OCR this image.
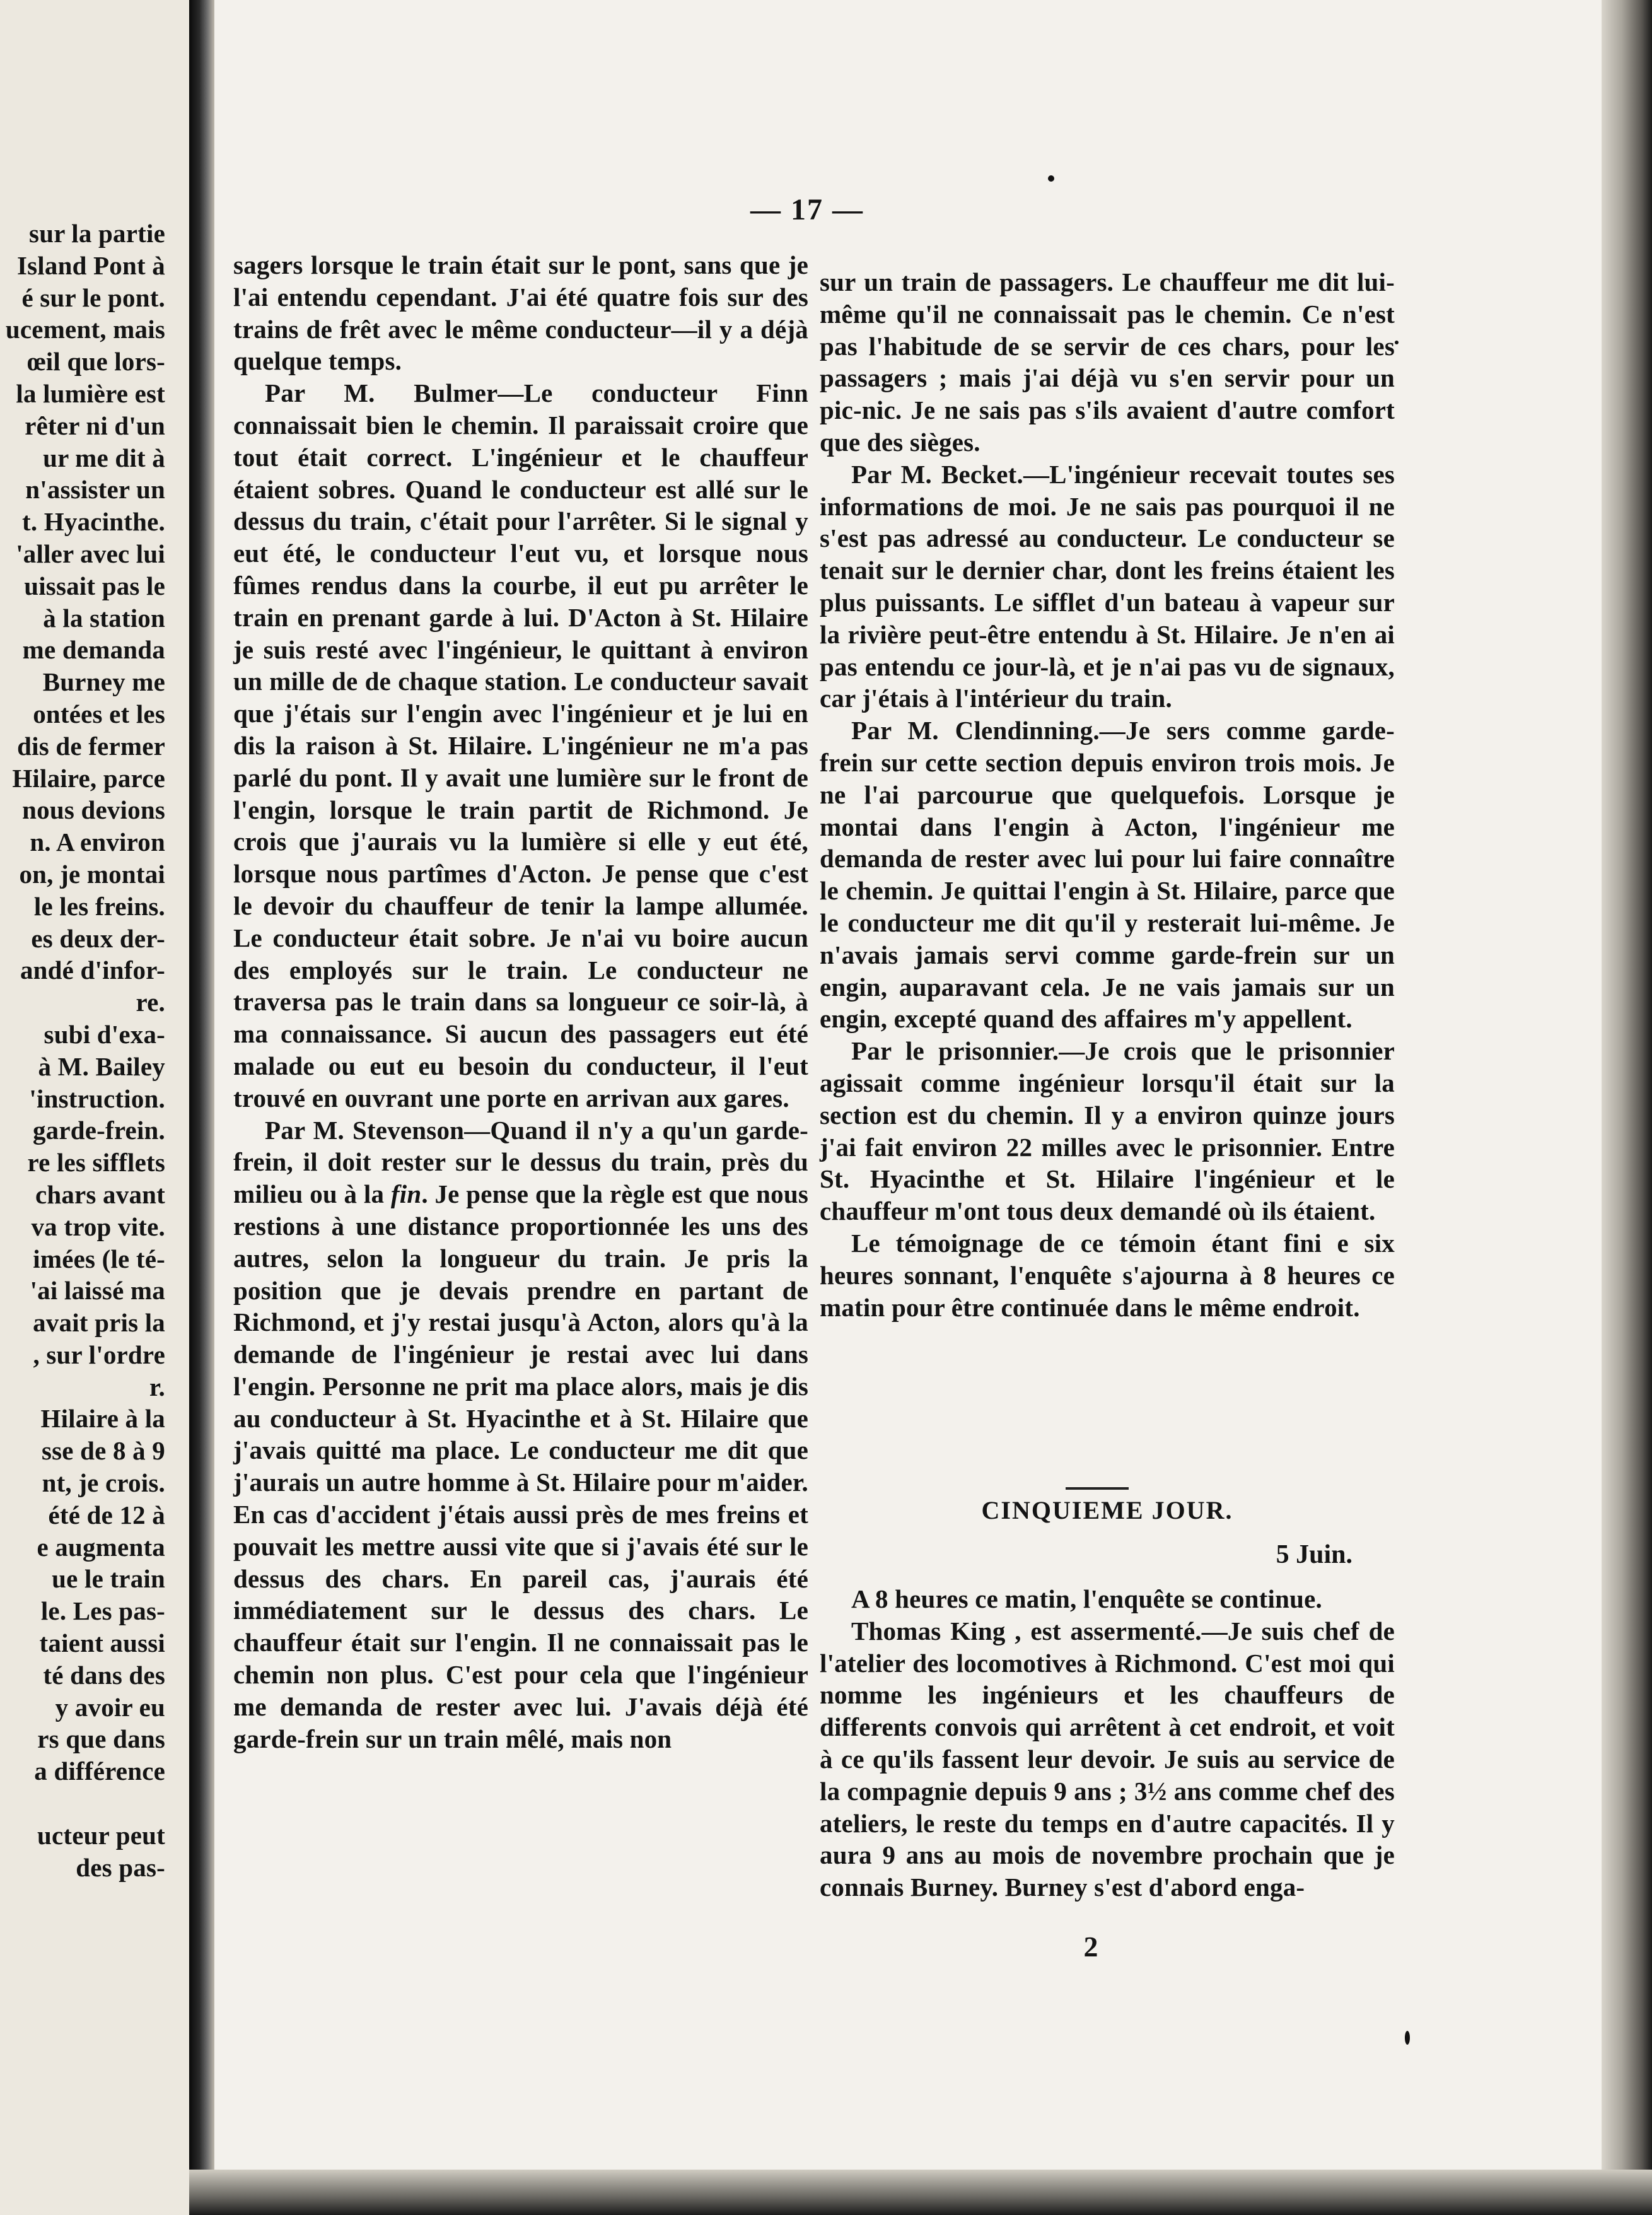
sur la partie
Island Pont à
é sur le pont.
ucement, mais
œil que lors-
la lumière est
rêter ni d'un
ur me dit à
n'assister un
t. Hyacinthe.
'aller avec lui
uissait pas le
à la station
me demanda
Burney me
ontées et les
dis de fermer
Hilaire, parce
nous devions
n. A environ
on, je montai
le les freins.
es deux der-
andé d'infor-
re.
subi d'exa-
à M. Bailey
'instruction.
garde-frein.
re les sifflets
chars avant
va trop vite.
imées (le té-
'ai laissé ma
avait pris la
, sur l'ordre
r.
Hilaire à la
sse de 8 à 9
nt, je crois.
été de 12 à
e augmenta
ue le train
le. Les pas-
taient aussi
té dans des
y avoir eu
rs que dans
a différence

ucteur peut
des pas-
— 17 —

sagers lorsque le train était sur le pont, sans que je l'ai entendu cependant. J'ai été quatre fois sur des trains de frêt avec le même conducteur—il y a déjà quelque temps.

Par M. Bulmer—Le conducteur Finn connaissait bien le chemin. Il paraissait croire que tout était correct. L'ingénieur et le chauffeur étaient sobres. Quand le conducteur est allé sur le dessus du train, c'était pour l'arrêter. Si le signal y eut été, le conducteur l'eut vu, et lorsque nous fûmes rendus dans la courbe, il eut pu arrêter le train en prenant garde à lui. D'Acton à St. Hilaire je suis resté avec l'ingénieur, le quittant à environ un mille de de chaque station. Le conducteur savait que j'étais sur l'engin avec l'ingénieur et je lui en dis la raison à St. Hilaire. L'ingénieur ne m'a pas parlé du pont. Il y avait une lumière sur le front de l'engin, lorsque le train partit de Richmond. Je crois que j'aurais vu la lumière si elle y eut été, lorsque nous partîmes d'Acton. Je pense que c'est le devoir du chauffeur de tenir la lampe allumée. Le conducteur était sobre. Je n'ai vu boire aucun des employés sur le train. Le conducteur ne traversa pas le train dans sa longueur ce soir-là, à ma connaissance. Si aucun des passagers eut été malade ou eut eu besoin du conducteur, il l'eut trouvé en ouvrant une porte en arrivan aux gares.

Par M. Stevenson—Quand il n'y a qu'un garde-frein, il doit rester sur le dessus du train, près du milieu ou à la fin. Je pense que la règle est que nous restions à une distance proportionnée les uns des autres, selon la longueur du train. Je pris la position que je devais prendre en partant de Richmond, et j'y restai jusqu'à Acton, alors qu'à la demande de l'ingénieur je restai avec lui dans l'engin. Personne ne prit ma place alors, mais je dis au conducteur à St. Hyacinthe et à St. Hilaire que j'avais quitté ma place. Le conducteur me dit que j'aurais un autre homme à St. Hilaire pour m'aider. En cas d'accident j'étais aussi près de mes freins et pouvait les mettre aussi vite que si j'avais été sur le dessus des chars. En pareil cas, j'aurais été immédiatement sur le dessus des chars. Le chauffeur était sur l'engin. Il ne connaissait pas le chemin non plus. C'est pour cela que l'ingénieur me demanda de rester avec lui. J'avais déjà été garde-frein sur un train mêlé, mais non

sur un train de passagers. Le chauffeur me dit lui-même qu'il ne connaissait pas le chemin. Ce n'est pas l'habitude de se servir de ces chars, pour les passagers ; mais j'ai déjà vu s'en servir pour un pic-nic. Je ne sais pas s'ils avaient d'autre comfort que des sièges.

Par M. Becket.—L'ingénieur recevait toutes ses informations de moi. Je ne sais pas pourquoi il ne s'est pas adressé au conducteur. Le conducteur se tenait sur le dernier char, dont les freins étaient les plus puissants. Le sifflet d'un bateau à vapeur sur la rivière peut-être entendu à St. Hilaire. Je n'en ai pas entendu ce jour-là, et je n'ai pas vu de signaux, car j'étais à l'intérieur du train.

Par M. Clendinning.—Je sers comme garde-frein sur cette section depuis environ trois mois. Je ne l'ai parcourue que quelquefois. Lorsque je montai dans l'engin à Acton, l'ingénieur me demanda de rester avec lui pour lui faire connaître le chemin. Je quittai l'engin à St. Hilaire, parce que le conducteur me dit qu'il y resterait lui-même. Je n'avais jamais servi comme garde-frein sur un engin, auparavant cela. Je ne vais jamais sur un engin, excepté quand des affaires m'y appellent.

Par le prisonnier.—Je crois que le prisonnier agissait comme ingénieur lorsqu'il était sur la section est du chemin. Il y a environ quinze jours j'ai fait environ 22 milles avec le prisonnier. Entre St. Hyacinthe et St. Hilaire l'ingénieur et le chauffeur m'ont tous deux demandé où ils étaient.

Le témoignage de ce témoin étant fini e six heures sonnant, l'enquête s'ajourna à 8 heures ce matin pour être continuée dans le même endroit.

CINQUIEME JOUR.
5 Juin.

A 8 heures ce matin, l'enquête se continue.

Thomas King , est assermenté.—Je suis chef de l'atelier des locomotives à Richmond. C'est moi qui nomme les ingénieurs et les chauffeurs de differents convois qui arrêtent à cet endroit, et voit à ce qu'ils fassent leur devoir. Je suis au service de la compagnie depuis 9 ans ; 3½ ans comme chef des ateliers, le reste du temps en d'autre capacités. Il y aura 9 ans au mois de novembre prochain que je connais Burney. Burney s'est d'abord enga-

2
